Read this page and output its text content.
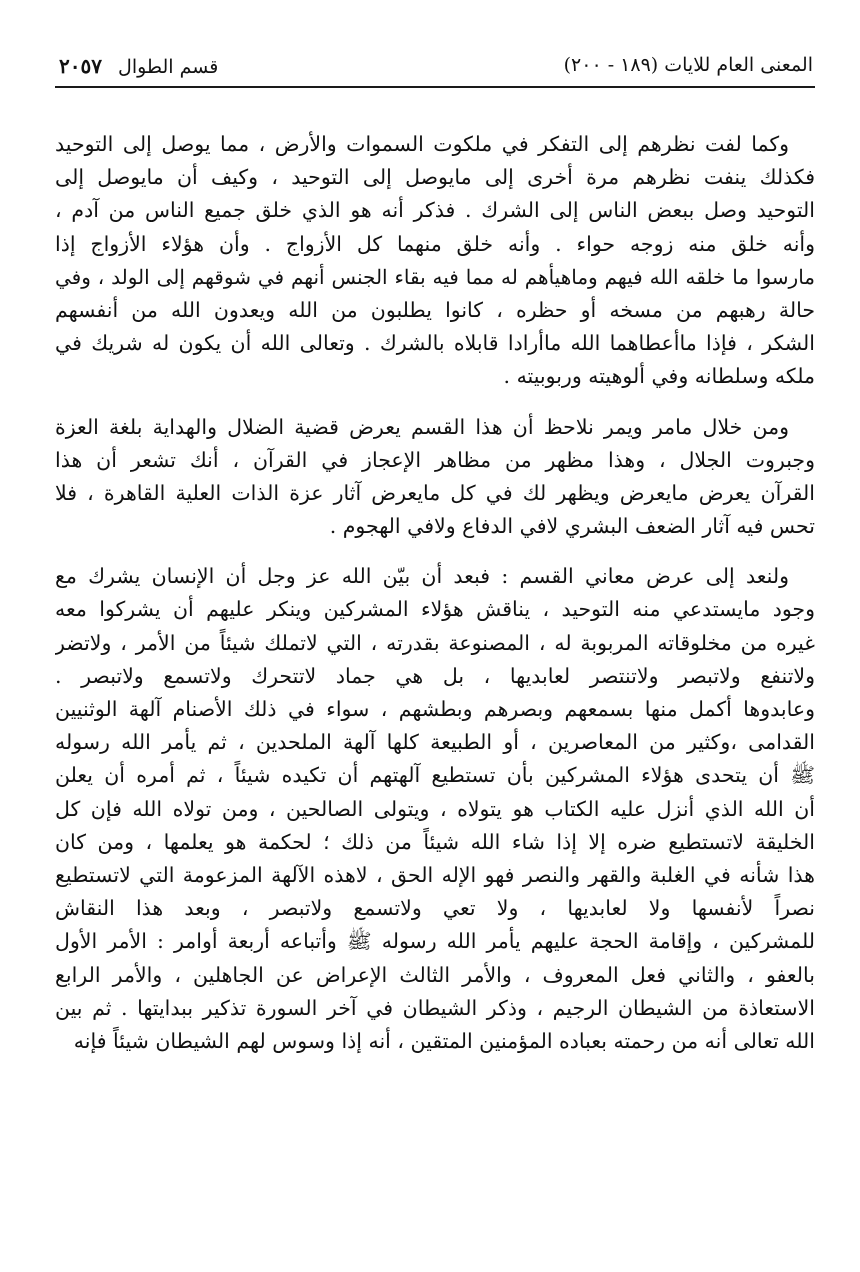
المعنى العام للايات (١٨٩ - ٢٠٠)
قسم الطوال ٢٠٥٧
وكما لفت نظرهم إلى التفكر في ملكوت السموات والأرض ، مما يوصل إلى التوحيد
فكذلك ينفت نظرهم مرة أخرى إلى مايوصل إلى التوحيد ، وكيف أن مايوصل إلى
التوحيد وصل ببعض الناس إلى الشرك . فذكر أنه هو الذي خلق جميع الناس من آدم ،
وأنه خلق منه زوجه حواء . وأنه خلق منهما كل الأزواج . وأن هؤلاء الأزواج إذا
مارسوا ما خلقه الله فيهم وماهيأهم له مما فيه بقاء الجنس أنهم في شوقهم إلى الولد ، وفي
حالة رهبهم من مسخه أو حظره ، كانوا يطلبون من الله ويعدون الله من أنفسهم
الشكر ، فإذا ماأعطاهما الله ماأرادا قابلاه بالشرك . وتعالى الله أن يكون له شريك في
ملكه وسلطانه وفي ألوهيته وربوبيته .
ومن خلال مامر ويمر نلاحظ أن هذا القسم يعرض قضية الضلال والهداية بلغة العزة
وجبروت الجلال ، وهذا مظهر من مظاهر الإعجاز في القرآن ، أنك تشعر أن هذا
القرآن يعرض مايعرض ويظهر لك في كل مايعرض آثار عزة الذات العلية القاهرة ، فلا
تحس فيه آثار الضعف البشري لافي الدفاع ولافي الهجوم .
ولنعد إلى عرض معاني القسم : فبعد أن بيّن الله عز وجل أن الإنسان يشرك مع
وجود مايستدعي منه التوحيد ، يناقش هؤلاء المشركين وينكر عليهم أن يشركوا معه
غيره من مخلوقاته المربوبة له ، المصنوعة بقدرته ، التي لاتملك شيئاً من الأمر ، ولاتضر
ولاتنفع ولاتبصر ولاتنتصر لعابديها ، بل هي جماد لاتتحرك ولاتسمع ولاتبصر .
وعابدوها أكمل منها بسمعهم وبصرهم وبطشهم ، سواء في ذلك الأصنام آلهة الوثنيين
القدامى ،وكثير من المعاصرين ، أو الطبيعة كلها آلهة الملحدين ، ثم يأمر الله رسوله
ﷺ أن يتحدى هؤلاء المشركين بأن تستطيع آلهتهم أن تكيده شيئاً ، ثم أمره أن يعلن
أن الله الذي أنزل عليه الكتاب هو يتولاه ، ويتولى الصالحين ، ومن تولاه الله فإن كل
الخليقة لاتستطيع ضره إلا إذا شاء الله شيئاً من ذلك ؛ لحكمة هو يعلمها ، ومن كان
هذا شأنه في الغلبة والقهر والنصر فهو الإله الحق ، لاهذه الآلهة المزعومة التي لاتستطيع
نصراً لأنفسها ولا لعابديها ، ولا تعي ولاتسمع ولاتبصر ، وبعد هذا النقاش
للمشركين ، وإقامة الحجة عليهم يأمر الله رسوله ﷺ وأتباعه أربعة أوامر : الأمر الأول
بالعفو ، والثاني فعل المعروف ، والأمر الثالث الإعراض عن الجاهلين ، والأمر الرابع
الاستعاذة من الشيطان الرجيم ، وذكر الشيطان في آخر السورة تذكير ببدايتها . ثم بين
الله تعالى أنه من رحمته بعباده المؤمنين المتقين ، أنه إذا وسوس لهم الشيطان شيئاً فإنه
